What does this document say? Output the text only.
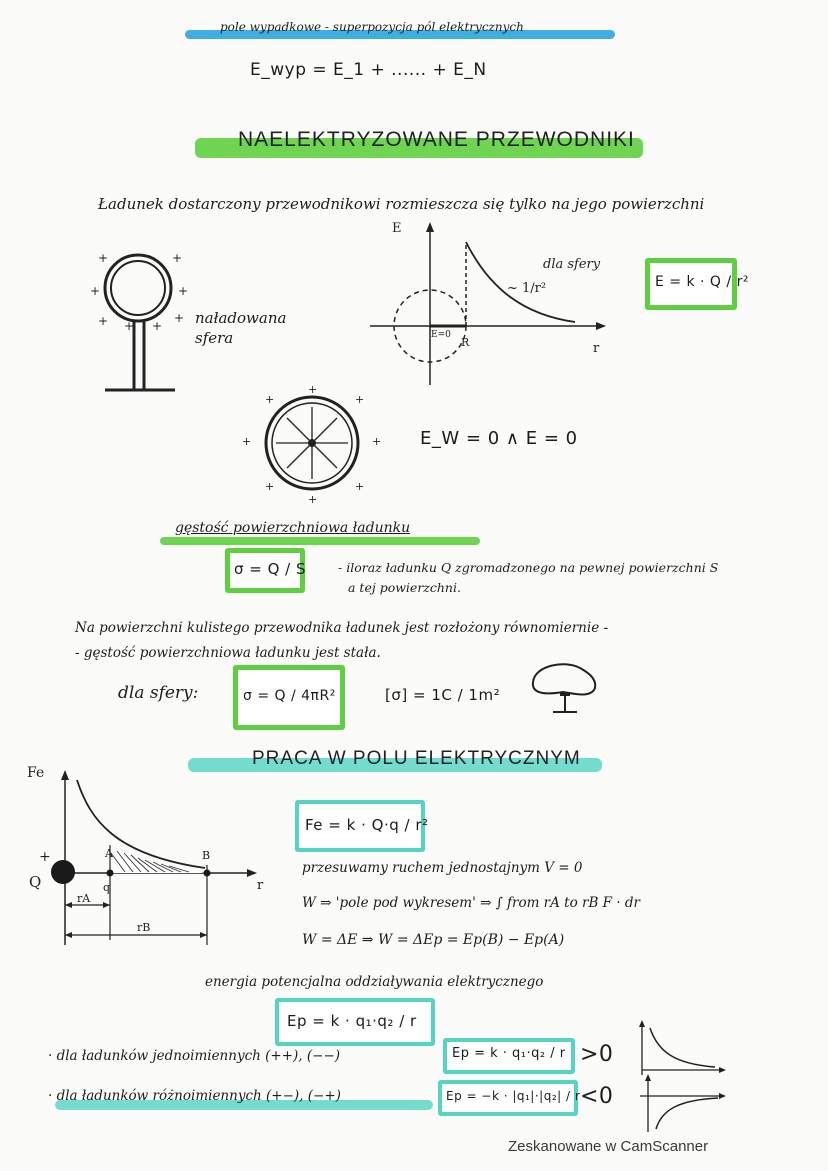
pole wypadkowe - superpozycja pól elektrycznych
E_wyp = E_1 + ...... + E_N
NAELEKTRYZOWANE PRZEWODNIKI
Ładunek dostarczony przewodnikowi rozmieszcza się tylko na jego powierzchni
+	+
+	+
+ + +
+ naładowana sfera
E
r
E=0
R
dla sfery
~ 1/r²	E = k · Q / r²
+
+	+
+
+
+
+	+
E_W = 0 ∧ E = 0
gęstość powierzchniowa ładunku
σ = Q / S	- iloraz ładunku Q zgromadzonego na pewnej powierzchni S
a tej powierzchni.
Na powierzchni kulistego przewodnika ładunek jest rozłożony równomiernie -
- gęstość powierzchniowa ładunku jest stała.
dla sfery:	σ = Q / 4πR²	[σ] = 1C / 1m²
PRACA W POLU ELEKTRYCZNYM
Fe
r
+
Q	q
A	B
rA
rB
Fe = k · Q·q / r²
przesuwamy ruchem jednostajnym V = 0
W ⇒ 'pole pod wykresem' ⇒ ∫ from rA to rB F · dr
W = ΔE ⇒ W = ΔEp = Ep(B) − Ep(A)
energia potencjalna oddziaływania elektrycznego
Ep = k · q₁·q₂ / r
· dla ładunków jednoimiennych (++), (−−)	Ep = k · q₁·q₂ / r >0
· dla ładunków różnoimiennych (+−), (−+)	Ep = −k · |q₁|·|q₂| / r <0
Zeskanowane w CamScanner
